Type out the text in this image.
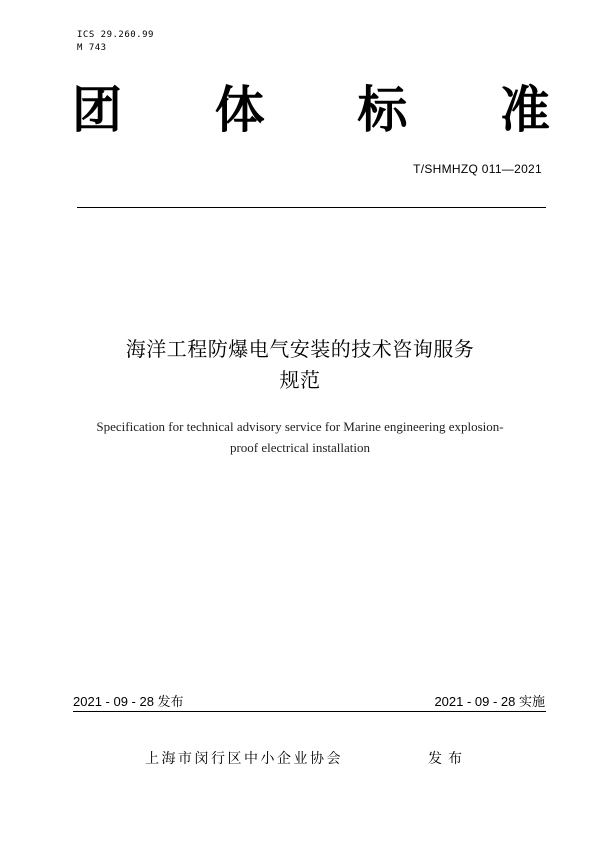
ICS 29.260.99
M 743
团 体 标 准
T/SHMHZQ 011—2021
海洋工程防爆电气安装的技术咨询服务
规范
Specification for technical advisory service for Marine engineering explosion-
proof electrical installation
2021 - 09 - 28 发布	2021 - 09 - 28 实施
上海市闵行区中小企业协会	发布
